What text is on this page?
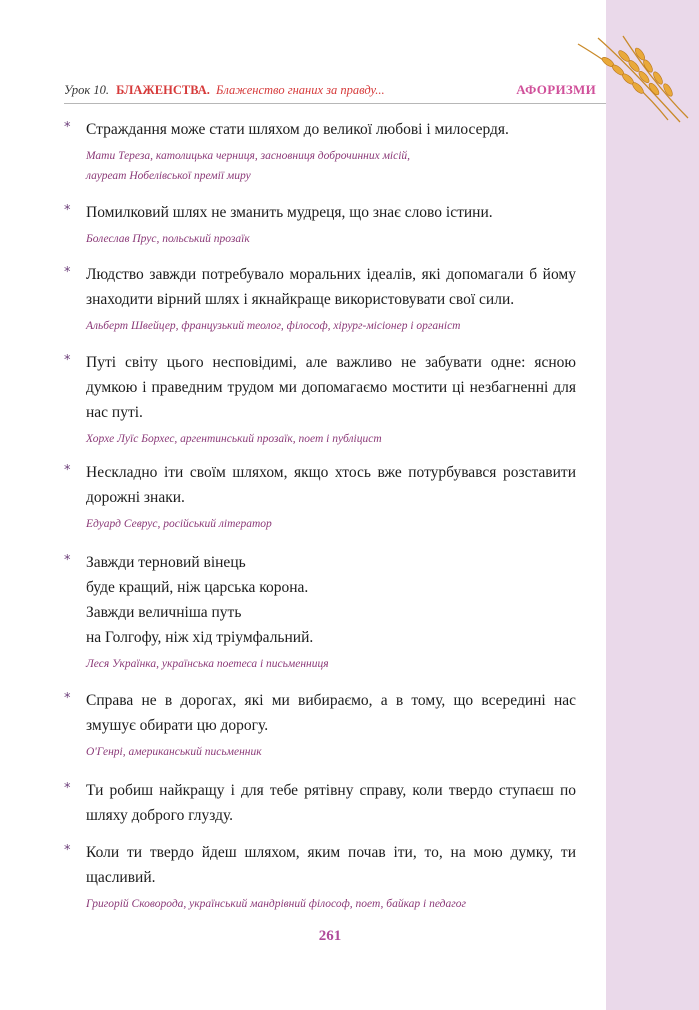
Урок 10. БЛАЖЕНСТВА. Блаженство гнаних за правду...	АФОРИЗМИ
* Страждання може стати шляхом до великої любові і милосердя.
Мати Тереза, католицька черниця, засновниця доброчинних місій,
лауреат Нобелівської премії миру
* Помилковий шлях не зманить мудреця, що знає слово істини.
Болеслав Прус, польський прозаїк
* Людство завжди потребувало моральних ідеалів, які допомагали б йому знаходити вірний шлях і якнайкраще використовувати свої сили.
Альберт Швейцер, французький теолог, філософ, хірург-місіонер і органіст
* Путі світу цього несповідимі, але важливо не забувати одне: ясною думкою і праведним трудом ми допомагаємо мостити ці незбагненні для нас путі.
Хорхе Луїс Борхес, аргентинський прозаїк, поет і публіцист
* Нескладно іти своїм шляхом, якщо хтось вже потурбувався розставити дорожні знаки.
Едуард Севрус, російський літератор
* Завжди терновий вінець
буде кращий, ніж царська корона.
Завжди величніша путь
на Голгофу, ніж хід тріумфальний.
Леся Українка, українська поетеса і письменниця
* Справа не в дорогах, які ми вибираємо, а в тому, що всередині нас змушує обирати цю дорогу.
О'Генрі, американський письменник
* Ти робиш найкращу і для тебе рятівну справу, коли твердо ступаєш по шляху доброго глузду.
* Коли ти твердо йдеш шляхом, яким почав іти, то, на мою думку, ти щасливий.
Григорій Сковорода, український мандрівний філософ, поет, байкар і педагог
261
